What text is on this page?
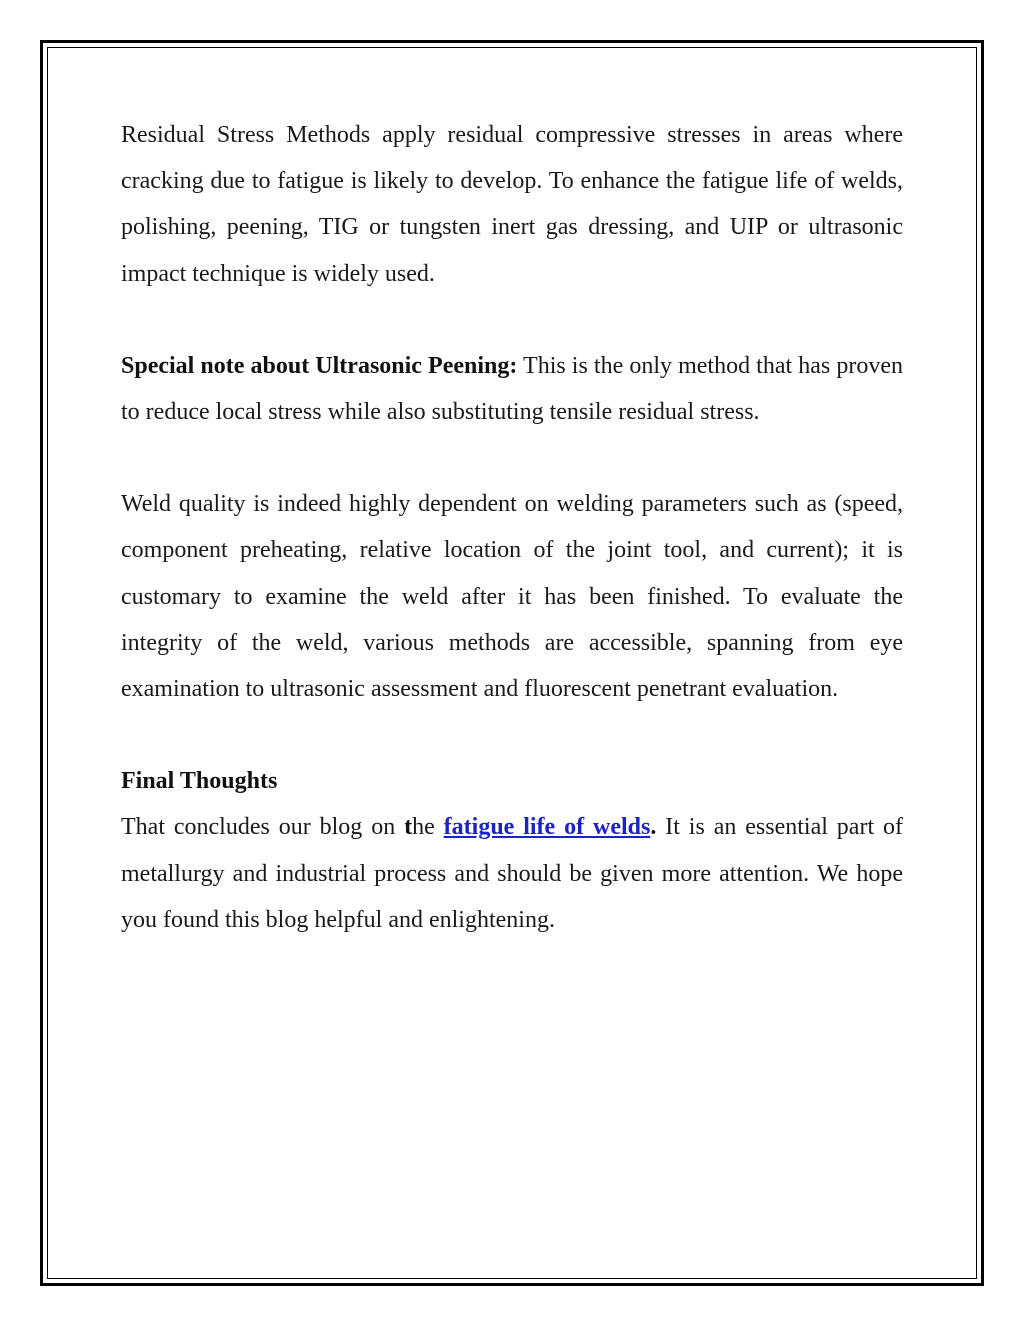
Residual Stress Methods apply residual compressive stresses in areas where cracking due to fatigue is likely to develop. To enhance the fatigue life of welds, polishing, peening, TIG or tungsten inert gas dressing, and UIP or ultrasonic impact technique is widely used.

Special note about Ultrasonic Peening: This is the only method that has proven to reduce local stress while also substituting tensile residual stress.

Weld quality is indeed highly dependent on welding parameters such as (speed, component preheating, relative location of the joint tool, and current); it is customary to examine the weld after it has been finished. To evaluate the integrity of the weld, various methods are accessible, spanning from eye examination to ultrasonic assessment and fluorescent penetrant evaluation.

Final Thoughts

That concludes our blog on the fatigue life of welds. It is an essential part of metallurgy and industrial process and should be given more attention. We hope you found this blog helpful and enlightening.
